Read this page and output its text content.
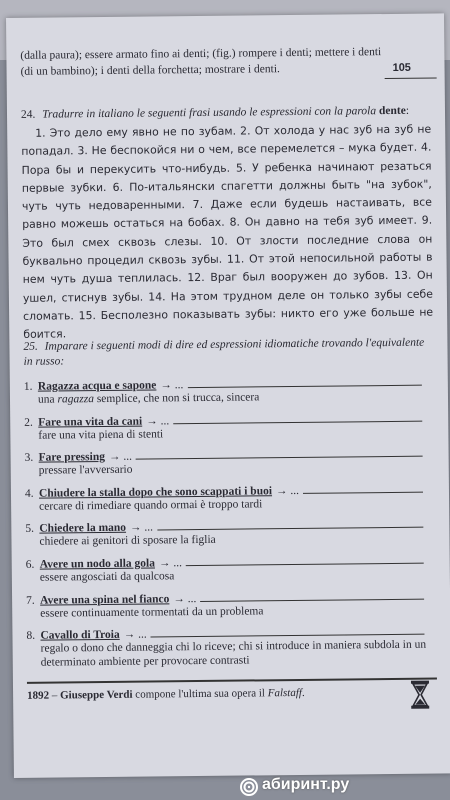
105

(dalla paura); essere armato fino ai denti; (fig.) rompere i denti; mettere i denti (di un bambino); i denti della forchetta; mostrare i denti.

24. Tradurre in italiano le seguenti frasi usando le espressioni con la parola dente:

1. Это дело ему явно не по зубам. 2. От холода у нас зуб на зуб не попадал. 3. Не беспокойся ни о чем, все перемелется – мука будет. 4. Пора бы и перекусить что-нибудь. 5. У ребенка начинают резаться первые зубки. 6. По-итальянски спагетти должны быть "на зубок", чуть чуть недоваренными. 7. Даже если будешь настаивать, все равно можешь остаться на бобах. 8. Он давно на тебя зуб имеет. 9. Это был смех сквозь слезы. 10. От злости последние слова он буквально процедил сквозь зубы. 11. От этой непосильной работы в нем чуть душа теплилась. 12. Враг был вооружен до зубов. 13. Он ушел, стиснув зубы. 14. На этом трудном деле он только зубы себе сломать. 15. Бесполезно показывать зубы: никто его уже больше не боится.

25. Imparare i seguenti modi di dire ed espressioni idiomatiche trovando l'equivalente in russo:

1. Ragazza acqua e sapone → ...

una ragazza semplice, che non si trucca, sincera

2. Fare una vita da cani → ...

fare una vita piena di stenti

3. Fare pressing → ...

pressare l'avversario

4. Chiudere la stalla dopo che sono scappati i buoi → ...

cercare di rimediare quando ormai è troppo tardi

5. Chiedere la mano → ...

chiedere ai genitori di sposare la figlia

6. Avere un nodo alla gola → ...

essere angosciati da qualcosa

7. Avere una spina nel fianco → ...

essere continuamente tormentati da un problema

8. Cavallo di Troia → ...

regalo o dono che danneggia chi lo riceve; chi si introduce in maniera subdola in un determinato ambiente per provocare contrasti

1892 – Giuseppe Verdi compone l'ultima sua opera il Falstaff.

абиринт.ру
